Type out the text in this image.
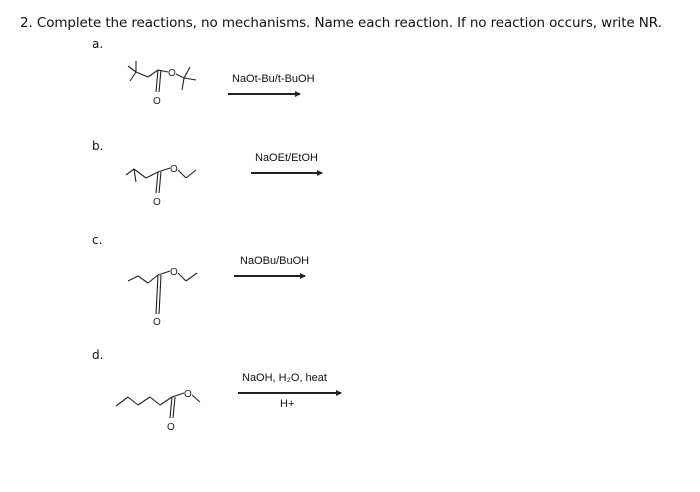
2. Complete the reactions, no mechanisms. Name each reaction. If no reaction occurs, write NR.
a.
O
O	NaOt-Bu/t-BuOH
b.
O
O
NaOEt/EtOH
c.
O
O
NaOBu/BuOH
d.
O
O
NaOH, H₂O, heat
H+
